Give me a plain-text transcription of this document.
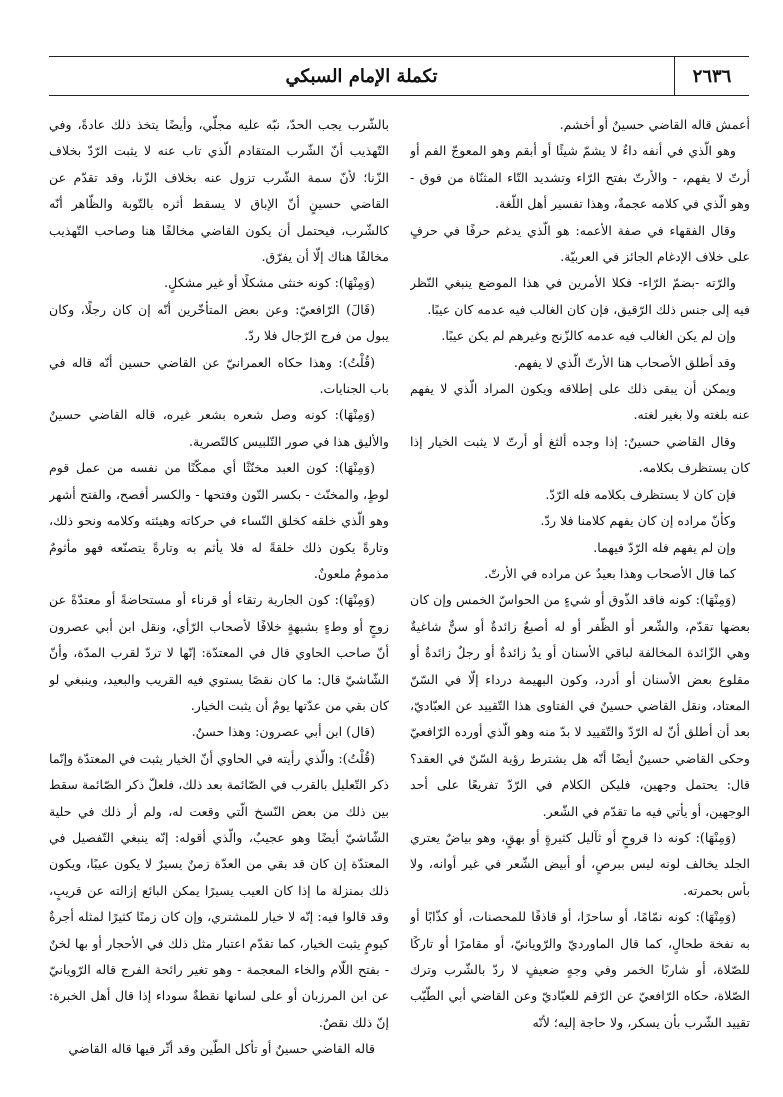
٢٦٣٦
تكملة الإمام السبكي

أعمش قاله القاضي حسينٌ أو أخشم.

وهو الّذي في أنفه داءٌ لا يشمّ شيئًا أو أبقم وهو المعوجّ الفم أو أرتّ لا يفهم، - والأرتّ بفتح الرّاء وتشديد التّاء المثنّاة من فوق - وهو الّذي في كلامه عجمةٌ، وهذا تفسير أهل اللّغة.

وقال الفقهاء في صفة الأعمه: هو الّذي يدغم حرفًا في حرفٍ على خلاف الإدغام الجائز في العربيّة.

والرّته -بضمّ الرّاء- فكلا الأمرين في هذا الموضع ينبغي النّظر فيه إلى جنس ذلك الرّقيق، فإن كان الغالب فيه عدمه كان عيبًا.

وإن لم يكن الغالب فيه عدمه كالزّنج وغيرهم لم يكن عيبًا.

وقد أطلق الأصحاب هنا الأرتّ الّذي لا يفهم.

ويمكن أن يبقى ذلك على إطلاقه ويكون المراد الّذي لا يفهم عنه بلغته ولا بغير لغته.

وقال القاضي حسينٌ: إذا وجده ألثغ أو أرتّ لا يثبت الخيار إذا كان يستظرف بكلامه.

فإن كان لا يستظرف بكلامه فله الرّدّ.

وكأنّ مراده إن كان يفهم كلامنا فلا ردّ.

وإن لم يفهم فله الرّدّ فيهما.

كما قال الأصحاب وهذا بعيدٌ عن مراده في الأرتّ.

(وَمِنْهَا): كونه فاقد الذّوق أو شيءٍ من الحواسّ الخمس وإن كان بعضها تقدّم، والشّعر أو الظّفر أو له أصبعٌ زائدةٌ أو سنٌّ شاغيةٌ وهي الزّائدة المخالفة لباقي الأسنان أو يدٌ زائدةٌ أو رجلٌ زائدةٌ أو مقلوع بعض الأسنان أو أدرد، وكون البهيمة درداء إلّا في السّنّ المعتاد، ونقل القاضي حسينٌ في الفتاوى هذا التّقييد عن العبّاديّ، بعد أن أطلق أنّ له الرّدّ والتّقييد لا بدّ منه وهو الّذي أورده الرّافعيّ وحكى القاضي حسينٌ أيضًا أنّه هل يشترط رؤية السّنّ في العقد؟ قال: يحتمل وجهين، فليكن الكلام في الرّدّ تفريعًا على أحد الوجهين، أو يأتي فيه ما تقدّم في الشّعر.

(وَمِنْهَا): كونه ذا قروحٍ أو ثآليل كثيرةٍ أو بهقٍ، وهو بياضٌ يعتري الجلد يخالف لونه ليس ببرصٍ، أو أبيض الشّعر في غير أوانه، ولا بأس بحمرته.

(وَمِنْهَا): كونه نمّامًا، أو ساحرًا، أو قاذفًا للمحصنات، أو كذّابًا أو به نفخة طحالٍ، كما قال الماورديّ والرّويانيّ، أو مقامرًا أو تاركًا للصّلاة، أو شاربًا الخمر وفي وجهٍ ضعيفٍ لا ردّ بالشّرب وترك الصّلاة، حكاه الرّافعيّ عن الرّقم للعبّاديّ وعن القاضي أبي الطّيّب تقييد الشّرب بأن يسكر، ولا حاجة إليه؛ لأنّه

بالشّرب يجب الحدّ، نبّه عليه مجلّي، وأيضًا يتخذ ذلك عادةً، وفي التّهذيب أنّ الشّرب المتقادم الّذي تاب عنه لا يثبت الرّدّ بخلاف الزّنا؛ لأنّ سمة الشّرب تزول عنه بخلاف الزّنا، وقد تقدّم عن القاضي حسينٍ أنّ الإباق لا يسقط أثره بالتّوبة والظّاهر أنّه كالشّرب، فيحتمل أن يكون القاضي مخالفًا هنا وصاحب التّهذيب مخالفًا هناك إلّا أن يفرّق.

(وَمِنْهَا): كونه خنثى مشكلًا أو غير مشكلٍ.

(قَالَ) الرّافعيّ: وعن بعض المتأخّرين أنّه إن كان رجلًا، وكان يبول من فرج الرّجال فلا ردّ.

(قُلْتُ): وهذا حكاه العمرانيّ عن القاضي حسين أنّه قاله في باب الجنايات.

(وَمِنْهَا): كونه وصل شعره بشعر غيره، قاله القاضي حسينٌ والأليق هذا في صور التّلبيس كالتّصرية.

(وَمِنْهَا): كون العبد مخنّثًا أي ممكّنًا من نفسه من عمل قوم لوطٍ، والمخنّث - بكسر النّون وفتحها - والكسر أفصح، والفتح أشهر وهو الّذي خلقه كخلق النّساء في حركاته وهيئته وكلامه ونحو ذلك، وتارةً يكون ذلك خلقةً له فلا يأثم به وتارةً يتصنّعه فهو مأثومٌ مذمومٌ ملعونٌ.

(وَمِنْهَا): كون الجارية رتقاء أو قرناء أو مستحاضةً أو معتدّةً عن زوجٍ أو وطءٍ بشبهةٍ خلافًا لأصحاب الرّأي، ونقل ابن أبي عصرون أنّ صاحب الحاوي قال في المعتدّة: إنّها لا تردّ لقرب المدّة، وأنّ الشّاشيّ قال: ما كان نقصًا يستوي فيه القريب والبعيد، وينبغي لو كان بقي من عدّتها يومٌ أن يثبت الخيار.

(قال) ابن أبي عصرون: وهذا حسنٌ.

(قُلْتُ): والّذي رأيته في الحاوي أنّ الخيار يثبت في المعتدّة وإنّما ذكر التّعليل بالقرب في الصّائمة بعد ذلك، فلعلّ ذكر الصّائمة سقط بين ذلك من بعض النّسخ الّتي وقعت له، ولم أر ذلك في حلية الشّاشيّ أيضًا وهو عجيبٌ، والّذي أقوله: إنّه ينبغي التّفصيل في المعتدّة إن كان قد بقي من العدّة زمنٌ يسيرٌ لا يكون عيبًا، ويكون ذلك بمنزلة ما إذا كان العيب يسيرًا يمكن البائع إزالته عن قريبٍ، وقد قالوا فيه: إنّه لا خيار للمشتري، وإن كان زمنًا كثيرًا لمثله أجرةٌ كيومٍ يثبت الخيار، كما تقدّم اعتبار مثل ذلك في الأحجار أو بها لخنٌ - بفتح اللّام والخاء المعجمة - وهو تغير رائحة الفرج قاله الرّويانيّ عن ابن المرزبان أو على لسانها نقطةٌ سوداء إذا قال أهل الخبرة: إنّ ذلك نقصٌ.

قاله القاضي حسينٌ أو تأكل الطّين وقد أثّر فيها قاله القاضي
